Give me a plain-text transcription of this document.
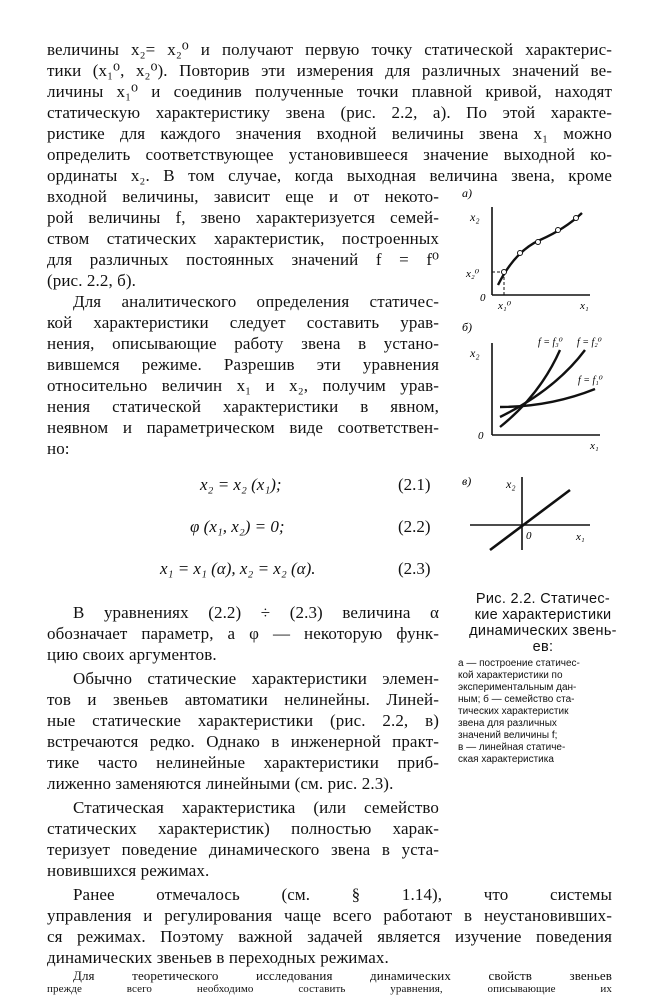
величины x₂= x₂⁰ и получают первую точку статической характерис-
тики (x₁⁰, x₂⁰). Повторив эти измерения для различных значений ве-
личины x₁⁰ и соединив полученные точки плавной кривой, находят
статическую характеристику звена (рис. 2.2, а). По этой характе-
ристике для каждого значения входной величины звена x₁ можно
определить соответствующее установившееся значение выходной ко-
ординаты x₂. В том случае, когда выходная величина звена, кроме
входной величины, зависит еще и от некото-
рой величины f, звено характеризуется семей-
ством статических характеристик, построенных
для различных постоянных значений f = f⁰
(рис. 2.2, б).
Для аналитического определения статичес-
кой характеристики следует составить урав-
нения, описывающие работу звена в устано-
вившемся режиме. Разрешив эти уравнения
относительно величин x₁ и x₂, получим урав-
нения статической характеристики в явном,
неявном и параметрическом виде соответствен-
но:
x₂ = x₂ (x₁);	(2.1)
φ (x₁, x₂) = 0;	(2.2)
x₁ = x₁ (α), x₂ = x₂ (α).	(2.3)
В уравнениях (2.2) ÷ (2.3) величина α
обозначает параметр, а φ — некоторую функ-
цию своих аргументов.
Обычно статические характеристики элемен-
тов и звеньев автоматики нелинейны. Линей-
ные статические характеристики (рис. 2.2, в)
встречаются редко. Однако в инженерной практ-
тике часто нелинейные характеристики приб-
лиженно заменяются линейными (см. рис. 2.3).
Статическая характеристика (или семейство
статических характеристик) полностью харак-
теризует поведение динамического звена в уста-
новившихся режимах.
Ранее отмечалось (см. § 1.14), что системы
управления и регулирования чаще всего работают в неустановивших-
ся режимах. Поэтому важной задачей является изучение поведения
динамических звеньев в переходных режимах.
а)
x₂
x₁
0
x₂⁰
x₁⁰
б)
x₂
x₁
0
f = f₃⁰ f = f₂⁰
f = f₁⁰
в)	x₂
x₁
0
Рис. 2.2. Статичес-
кие характеристики
динамических звень-
ев:
а — построение статичес-
кой характеристики по
экспериментальным дан-
ным; б — семейство ста-
тических характеристик
звена для различных
значений величины f;
в — линейная статиче-
ская характеристика
Для теоретического исследования динамических свойств звеньев
прежде всего необходимо составить уравнения, описывающие их
